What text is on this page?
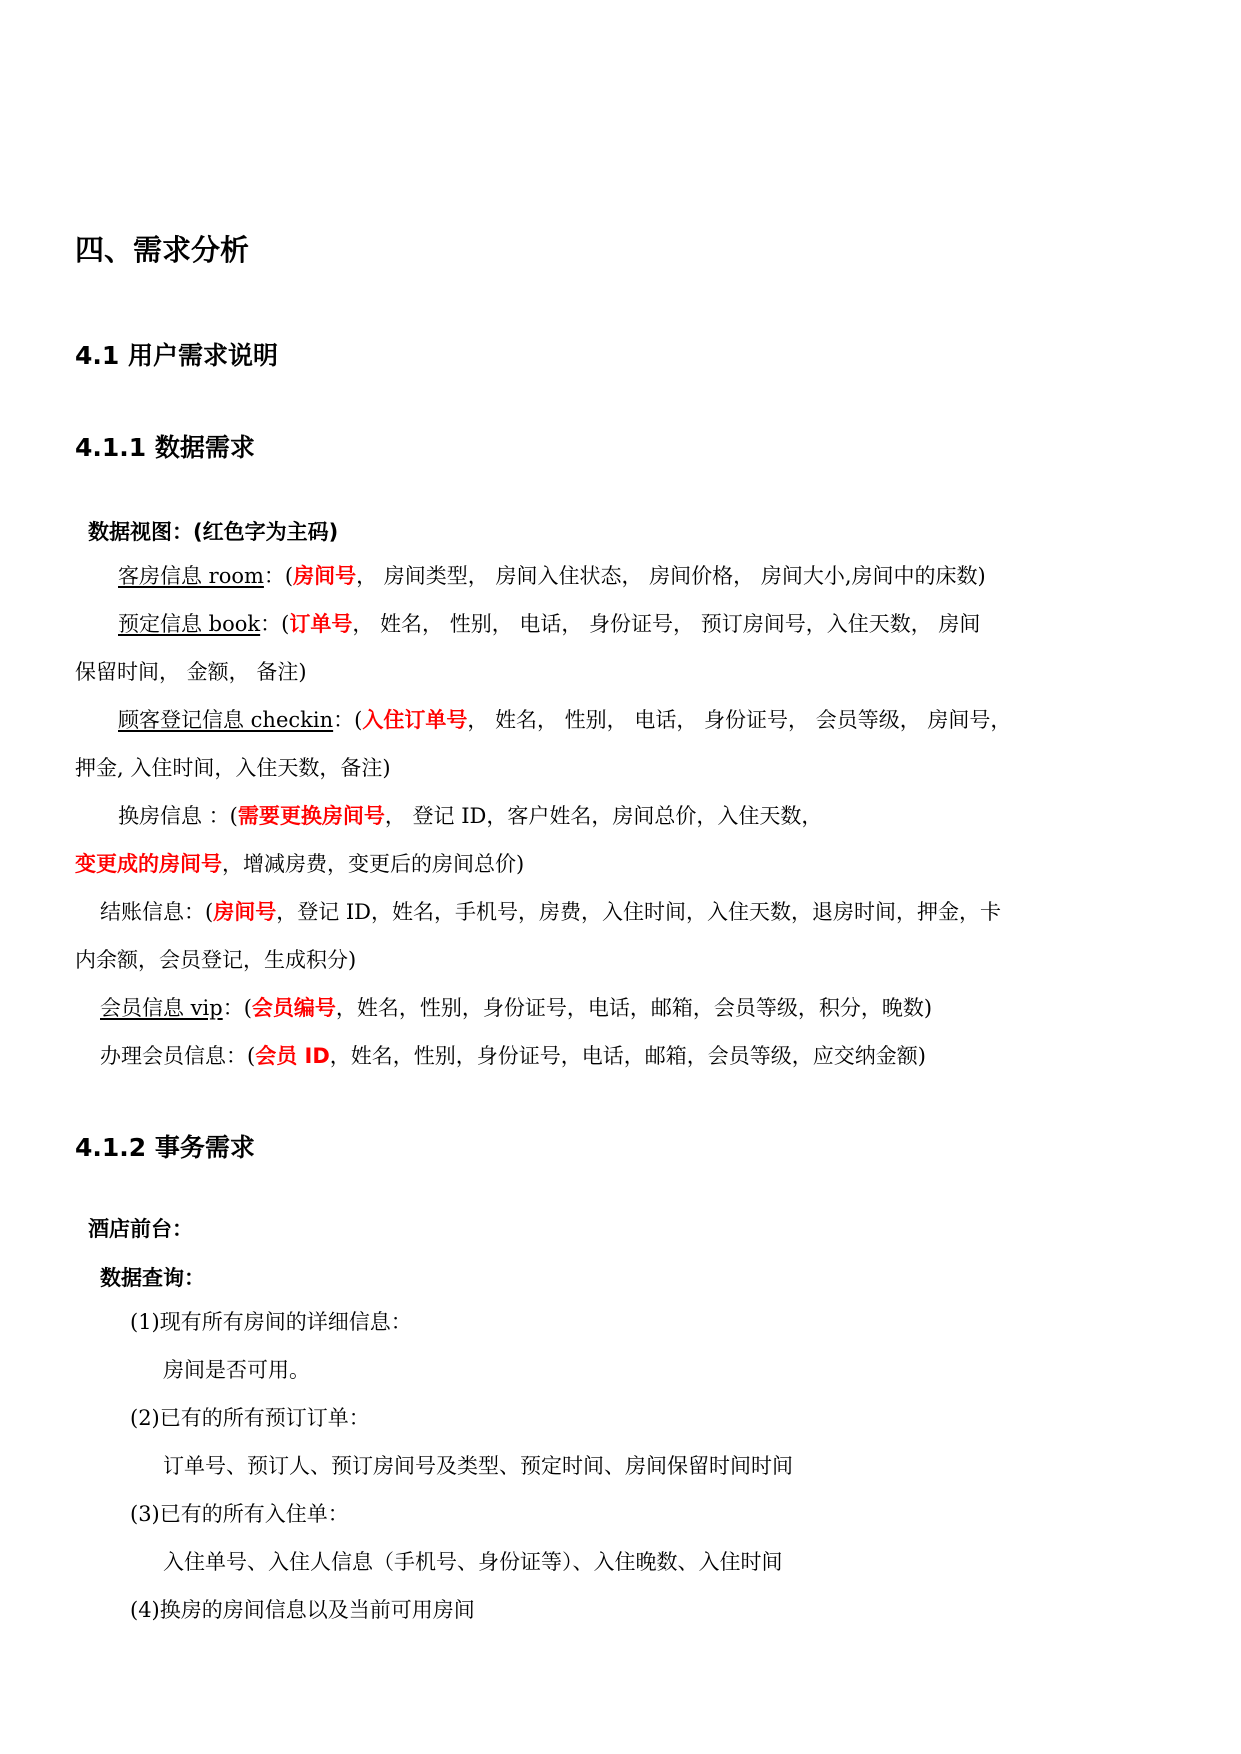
四、需求分析
4.1 用户需求说明
4.1.1 数据需求
数据视图：(红色字为主码)
客房信息 room：(房间号， 房间类型， 房间入住状态， 房间价格， 房间大小,房间中的床数)
预定信息 book：(订单号， 姓名， 性别， 电话， 身份证号， 预订房间号，入住天数， 房间
保留时间， 金额， 备注)
顾客登记信息 checkin：(入住订单号， 姓名， 性别， 电话， 身份证号， 会员等级， 房间号，
押金, 入住时间，入住天数，备注)
换房信息 ：(需要更换房间号， 登记 ID，客户姓名，房间总价，入住天数，
变更成的房间号，增减房费，变更后的房间总价)
结账信息：(房间号，登记 ID，姓名，手机号，房费，入住时间，入住天数，退房时间，押金，卡
内余额，会员登记，生成积分)
会员信息 vip：(会员编号，姓名，性别，身份证号，电话，邮箱，会员等级，积分，晚数)
办理会员信息：(会员 ID，姓名，性别，身份证号，电话，邮箱，会员等级，应交纳金额)
4.1.2 事务需求
酒店前台：
数据查询：
(1)现有所有房间的详细信息：
房间是否可用。
(2)已有的所有预订订单：
订单号、预订人、预订房间号及类型、预定时间、房间保留时间时间
(3)已有的所有入住单：
入住单号、入住人信息（手机号、身份证等）、入住晚数、入住时间
(4)换房的房间信息以及当前可用房间
